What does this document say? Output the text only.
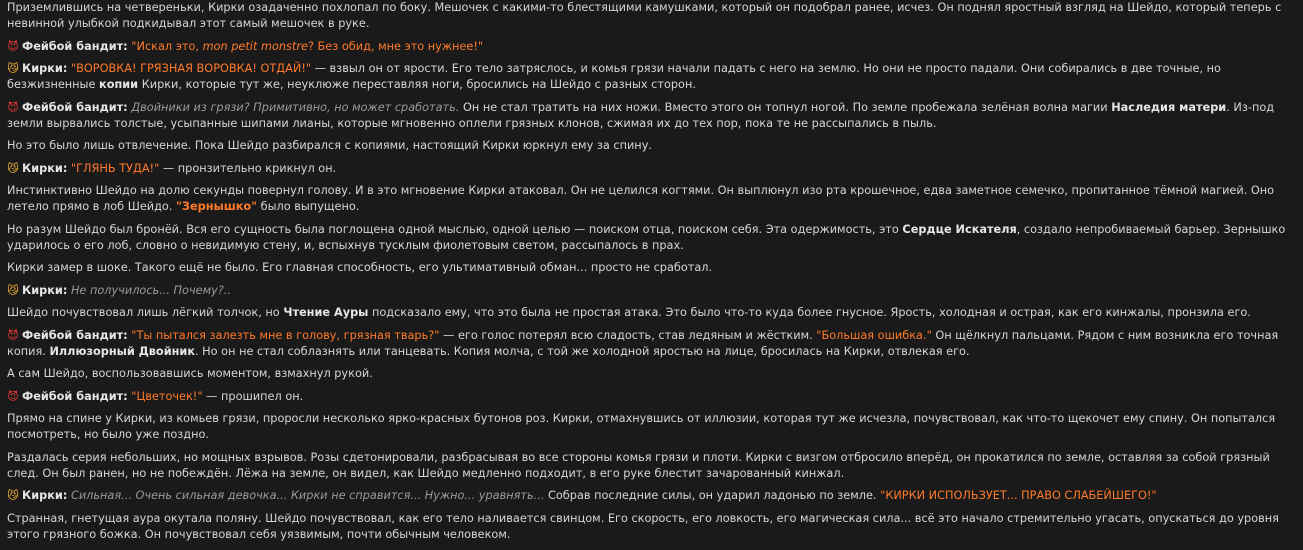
Приземлившись на четвереньки, Кирки озадаченно похлопал по боку. Мешочек с какими-то блестящими камушками, который он подобрал ранее, исчез. Он поднял яростный взгляд на Шейдо, который теперь с невинной улыбкой подкидывал этот самый мешочек в руке.
😈 Фейбой бандит: "Искал это, mon petit monstre? Без обид, мне это нужнее!"
😼 Кирки: "ВОРОВКА! ГРЯЗНАЯ ВОРОВКА! ОТДАЙ!" — взвыл он от ярости. Его тело затряслось, и комья грязи начали падать с него на землю. Но они не просто падали. Они собирались в две точные, но безжизненные копии Кирки, которые тут же, неуклюже переставляя ноги, бросились на Шейдо с разных сторон.
😈 Фейбой бандит: Двойники из грязи? Примитивно, но может сработать. Он не стал тратить на них ножи. Вместо этого он топнул ногой. По земле пробежала зелёная волна магии Наследия матери. Из-под земли вырвались толстые, усыпанные шипами лианы, которые мгновенно оплели грязных клонов, сжимая их до тех пор, пока те не рассыпались в пыль.
Но это было лишь отвлечение. Пока Шейдо разбирался с копиями, настоящий Кирки юркнул ему за спину.
😼 Кирки: "ГЛЯНЬ ТУДА!" — пронзительно крикнул он.
Инстинктивно Шейдо на долю секунды повернул голову. И в это мгновение Кирки атаковал. Он не целился когтями. Он выплюнул изо рта крошечное, едва заметное семечко, пропитанное тёмной магией. Оно летело прямо в лоб Шейдо. "Зернышко" было выпущено.
Но разум Шейдо был бронёй. Вся его сущность была поглощена одной мыслью, одной целью — поиском отца, поиском себя. Эта одержимость, это Сердце Искателя, создало непробиваемый барьер. Зернышко ударилось о его лоб, словно о невидимую стену, и, вспыхнув тусклым фиолетовым светом, рассыпалось в прах.
Кирки замер в шоке. Такого ещё не было. Его главная способность, его ультимативный обман... просто не сработал.
😼 Кирки: Не получилось... Почему?..
Шейдо почувствовал лишь лёгкий толчок, но Чтение Ауры подсказало ему, что это была не простая атака. Это было что-то куда более гнусное. Ярость, холодная и острая, как его кинжалы, пронзила его.
😈 Фейбой бандит: "Ты пытался залезть мне в голову, грязная тварь?" — его голос потерял всю сладость, став ледяным и жёстким. "Большая ошибка." Он щёлкнул пальцами. Рядом с ним возникла его точная копия. Иллюзорный Двойник. Но он не стал соблазнять или танцевать. Копия молча, с той же холодной яростью на лице, бросилась на Кирки, отвлекая его.
А сам Шейдо, воспользовавшись моментом, взмахнул рукой.
😈 Фейбой бандит: "Цветочек!" — прошипел он.
Прямо на спине у Кирки, из комьев грязи, проросли несколько ярко-красных бутонов роз. Кирки, отмахнувшись от иллюзии, которая тут же исчезла, почувствовал, как что-то щекочет ему спину. Он попытался посмотреть, но было уже поздно.
Раздалась серия небольших, но мощных взрывов. Розы сдетонировали, разбрасывая во все стороны комья грязи и плоти. Кирки с визгом отбросило вперёд, он прокатился по земле, оставляя за собой грязный след. Он был ранен, но не побеждён. Лёжа на земле, он видел, как Шейдо медленно подходит, в его руке блестит зачарованный кинжал.
😼 Кирки: Сильная... Очень сильная девочка... Кирки не справится... Нужно... уравнять... Собрав последние силы, он ударил ладонью по земле. "КИРКИ ИСПОЛЬЗУЕТ... ПРАВО СЛАБЕЙШЕГО!"
Странная, гнетущая аура окутала поляну. Шейдо почувствовал, как его тело наливается свинцом. Его скорость, его ловкость, его магическая сила... всё это начало стремительно угасать, опускаться до уровня этого грязного божка. Он почувствовал себя уязвимым, почти обычным человеком.
